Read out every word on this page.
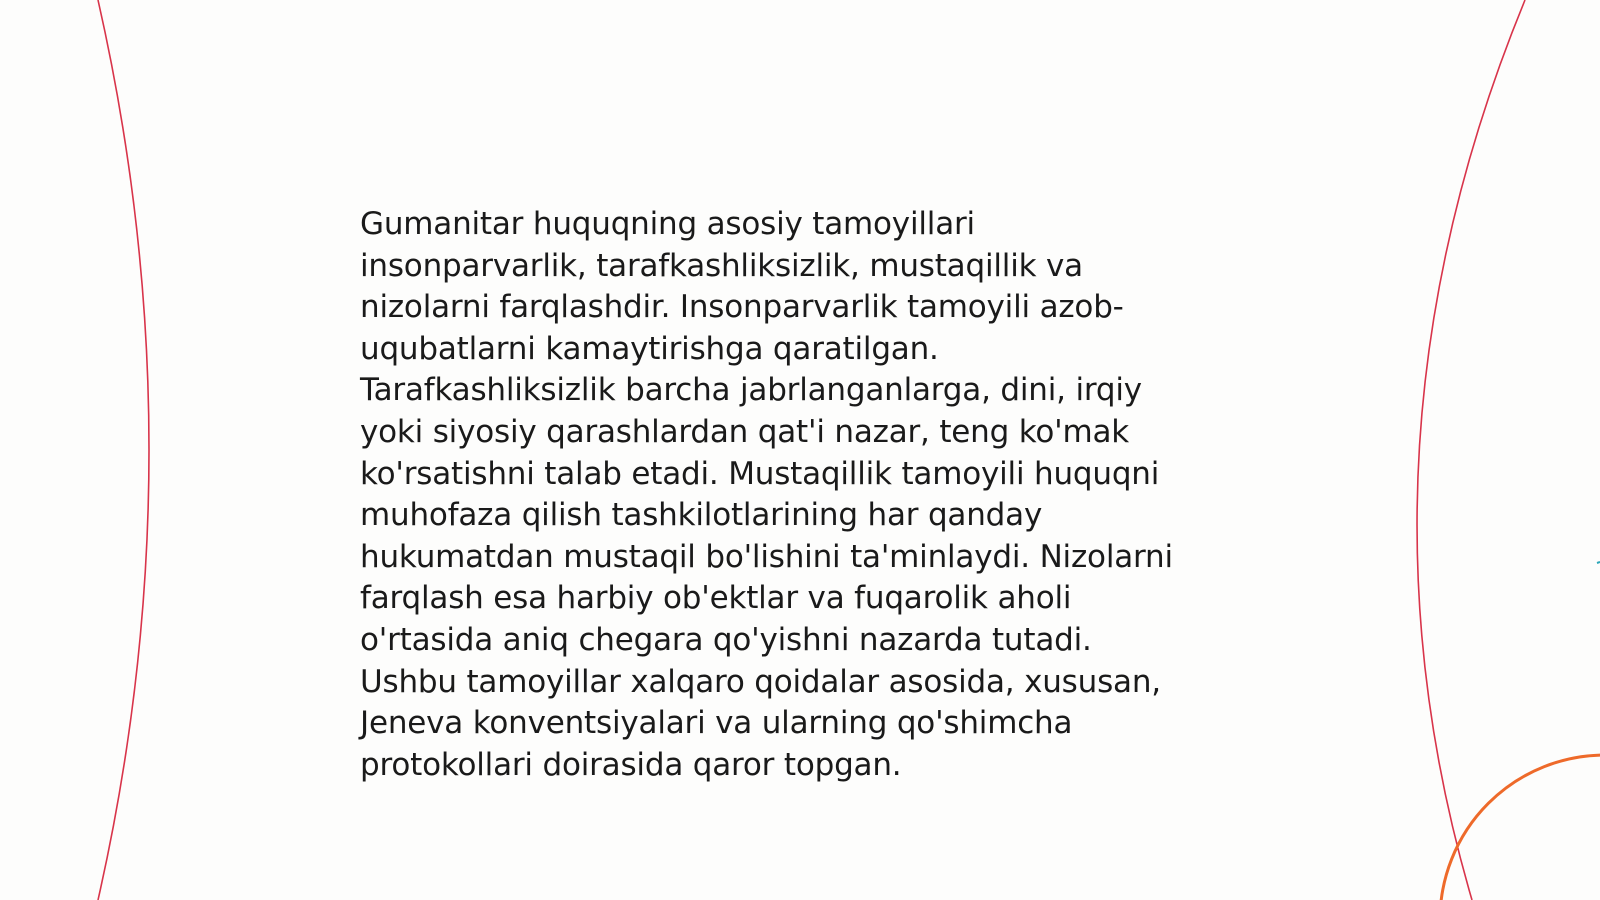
Gumanitar huquqning asosiy tamoyillari
insonparvarlik, tarafkashliksizlik, mustaqillik va
nizolarni farqlashdir. Insonparvarlik tamoyili azob-
uqubatlarni kamaytirishga qaratilgan.
Tarafkashliksizlik barcha jabrlanganlarga, dini, irqiy
yoki siyosiy qarashlardan qat'i nazar, teng ko'mak
ko'rsatishni talab etadi. Mustaqillik tamoyili huquqni
muhofaza qilish tashkilotlarining har qanday
hukumatdan mustaqil bo'lishini ta'minlaydi. Nizolarni
farqlash esa harbiy ob'ektlar va fuqarolik aholi
o'rtasida aniq chegara qo'yishni nazarda tutadi.
Ushbu tamoyillar xalqaro qoidalar asosida, xususan,
Jeneva konventsiyalari va ularning qo'shimcha
protokollari doirasida qaror topgan.
